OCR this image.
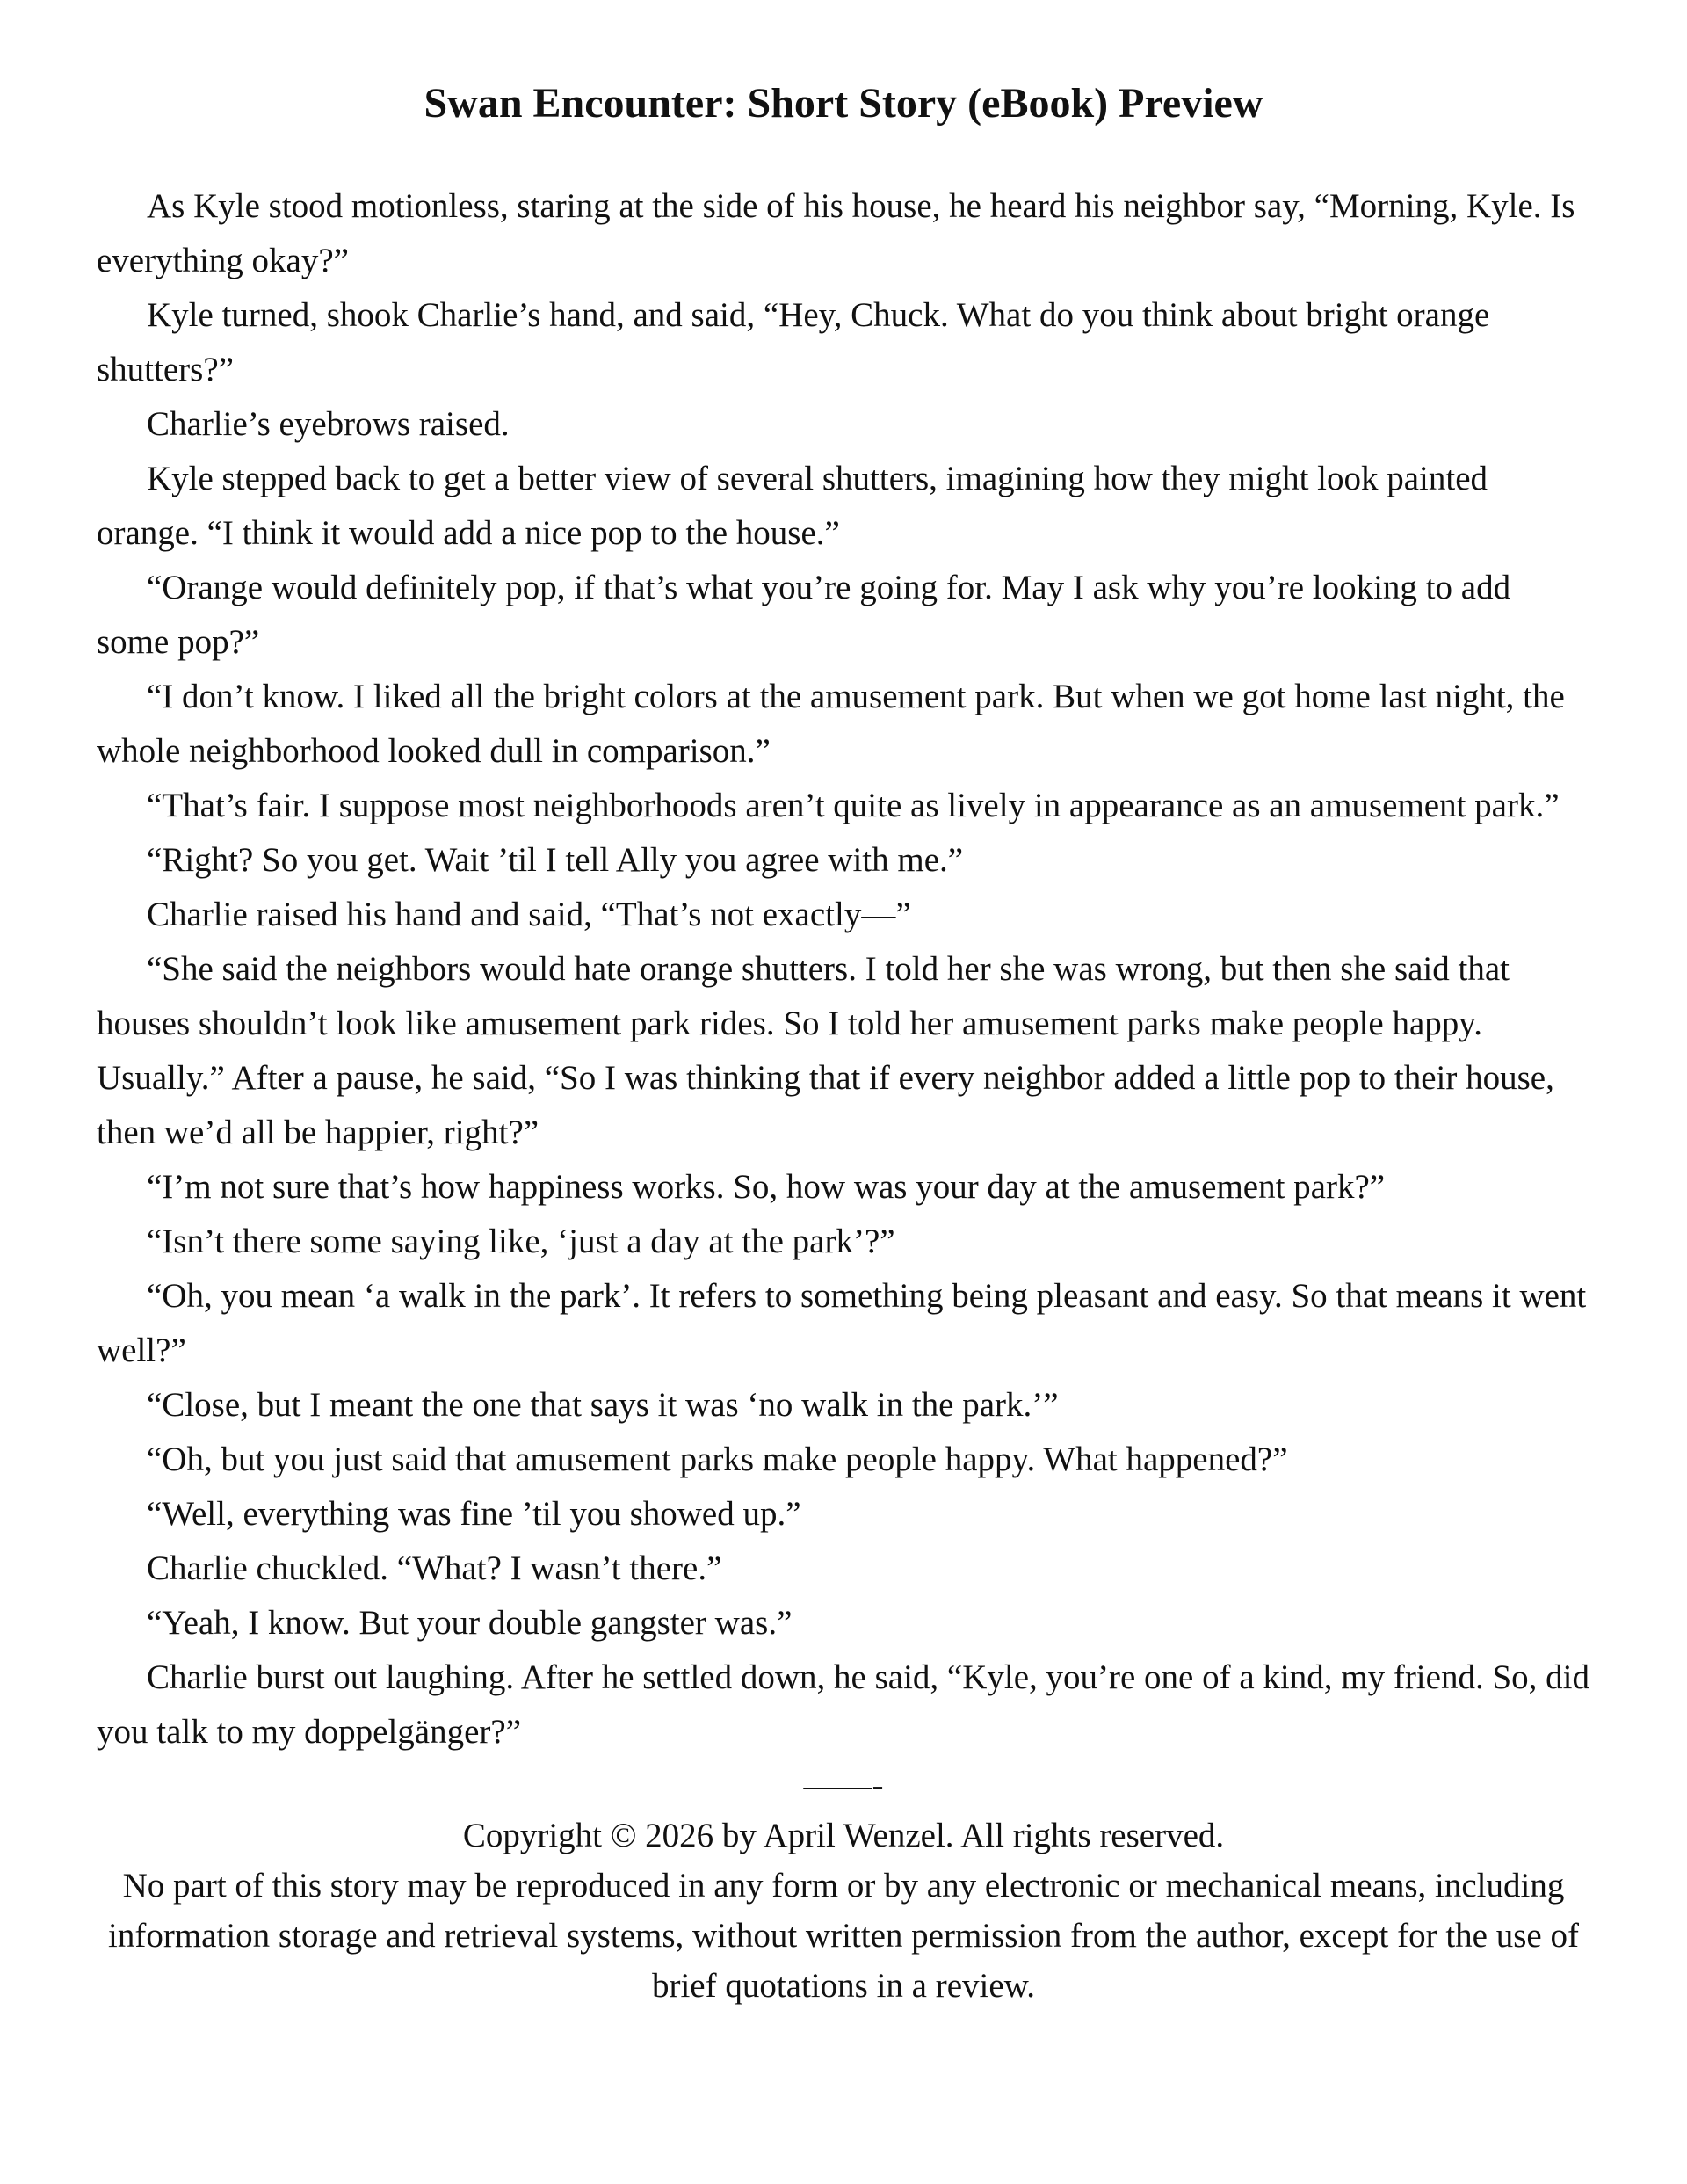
Swan Encounter: Short Story (eBook) Preview

As Kyle stood motionless, staring at the side of his house, he heard his neighbor say, “Morning, Kyle. Is everything okay?”

Kyle turned, shook Charlie’s hand, and said, “Hey, Chuck. What do you think about bright orange shutters?”

Charlie’s eyebrows raised.

Kyle stepped back to get a better view of several shutters, imagining how they might look painted orange. “I think it would add a nice pop to the house.”

“Orange would definitely pop, if that’s what you’re going for. May I ask why you’re looking to add some pop?”

“I don’t know. I liked all the bright colors at the amusement park. But when we got home last night, the whole neighborhood looked dull in comparison.”

“That’s fair. I suppose most neighborhoods aren’t quite as lively in appearance as an amusement park.”

“Right? So you get. Wait ’til I tell Ally you agree with me.”

Charlie raised his hand and said, “That’s not exactly—”

“She said the neighbors would hate orange shutters. I told her she was wrong, but then she said that houses shouldn’t look like amusement park rides. So I told her amusement parks make people happy. Usually.” After a pause, he said, “So I was thinking that if every neighbor added a little pop to their house, then we’d all be happier, right?”

“I’m not sure that’s how happiness works. So, how was your day at the amusement park?”

“Isn’t there some saying like, ‘just a day at the park’?”

“Oh, you mean ‘a walk in the park’. It refers to something being pleasant and easy. So that means it went well?”

“Close, but I meant the one that says it was ‘no walk in the park.’”

“Oh, but you just said that amusement parks make people happy. What happened?”

“Well, everything was fine ’til you showed up.”

Charlie chuckled. “What? I wasn’t there.”

“Yeah, I know. But your double gangster was.”

Charlie burst out laughing. After he settled down, he said, “Kyle, you’re one of a kind, my friend. So, did you talk to my doppelgänger?”

——-

Copyright © 2026 by April Wenzel. All rights reserved.

No part of this story may be reproduced in any form or by any electronic or mechanical means, including information storage and retrieval systems, without written permission from the author, except for the use of brief quotations in a review.
